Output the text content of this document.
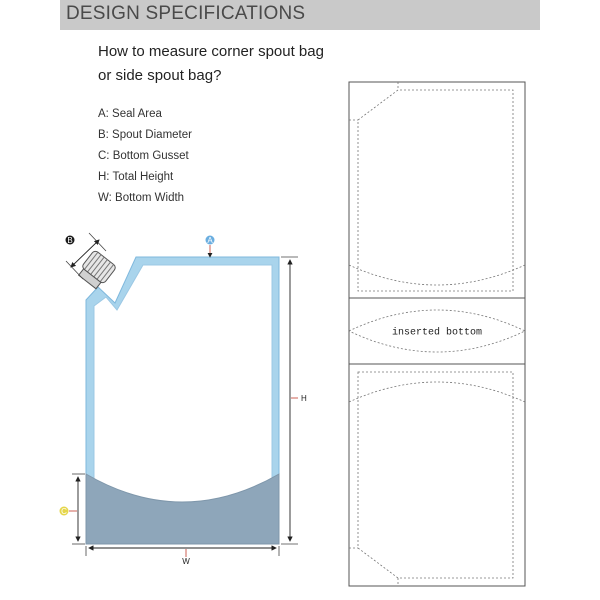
DESIGN SPECIFICATIONS
How to measure corner spout bag or side spout bag?
A: Seal Area
B: Spout Diameter
C: Bottom Gusset
H: Total Height
W: Bottom Width
B	A
H
W
C
inserted bottom
